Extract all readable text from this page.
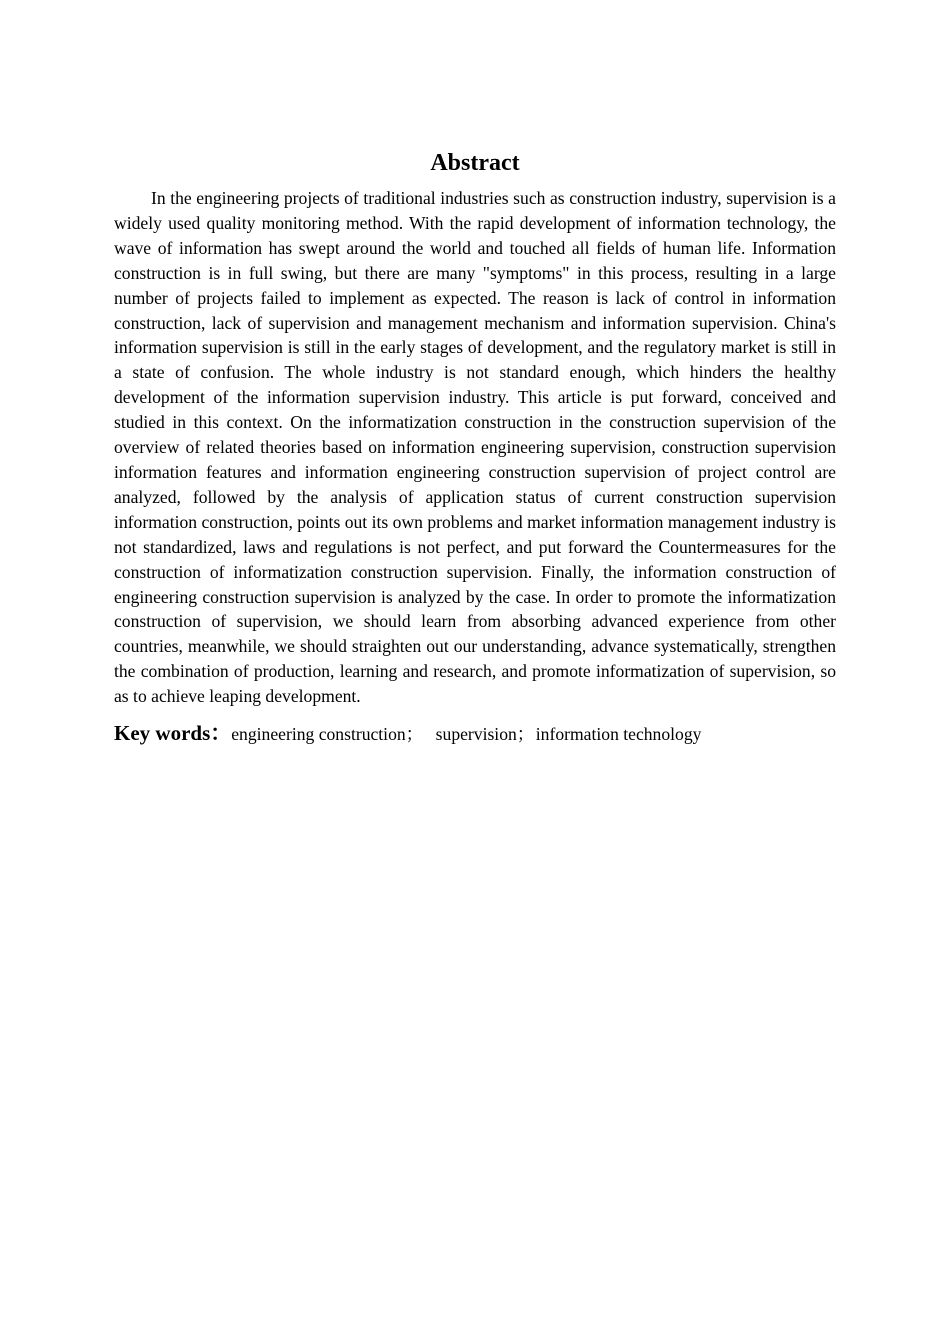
Abstract

In the engineering projects of traditional industries such as construction industry, supervision is a widely used quality monitoring method. With the rapid development of information technology, the wave of information has swept around the world and touched all fields of human life. Information construction is in full swing, but there are many "symptoms" in this process, resulting in a large number of projects failed to implement as expected. The reason is lack of control in information construction, lack of supervision and management mechanism and information supervision. China's information supervision is still in the early stages of development, and the regulatory market is still in a state of confusion. The whole industry is not standard enough, which hinders the healthy development of the information supervision industry. This article is put forward, conceived and studied in this context. On the informatization construction in the construction supervision of the overview of related theories based on information engineering supervision, construction supervision information features and information engineering construction supervision of project control are analyzed, followed by the analysis of application status of current construction supervision information construction, points out its own problems and market information management industry is not standardized, laws and regulations is not perfect, and put forward the Countermeasures for the construction of informatization construction supervision. Finally, the information construction of engineering construction supervision is analyzed by the case. In order to promote the informatization construction of supervision, we should learn from absorbing advanced experience from other countries, meanwhile, we should straighten out our understanding, advance systematically, strengthen the combination of production, learning and research, and promote informatization of supervision, so as to achieve leaping development.

Key words：engineering construction； supervision；information technology
